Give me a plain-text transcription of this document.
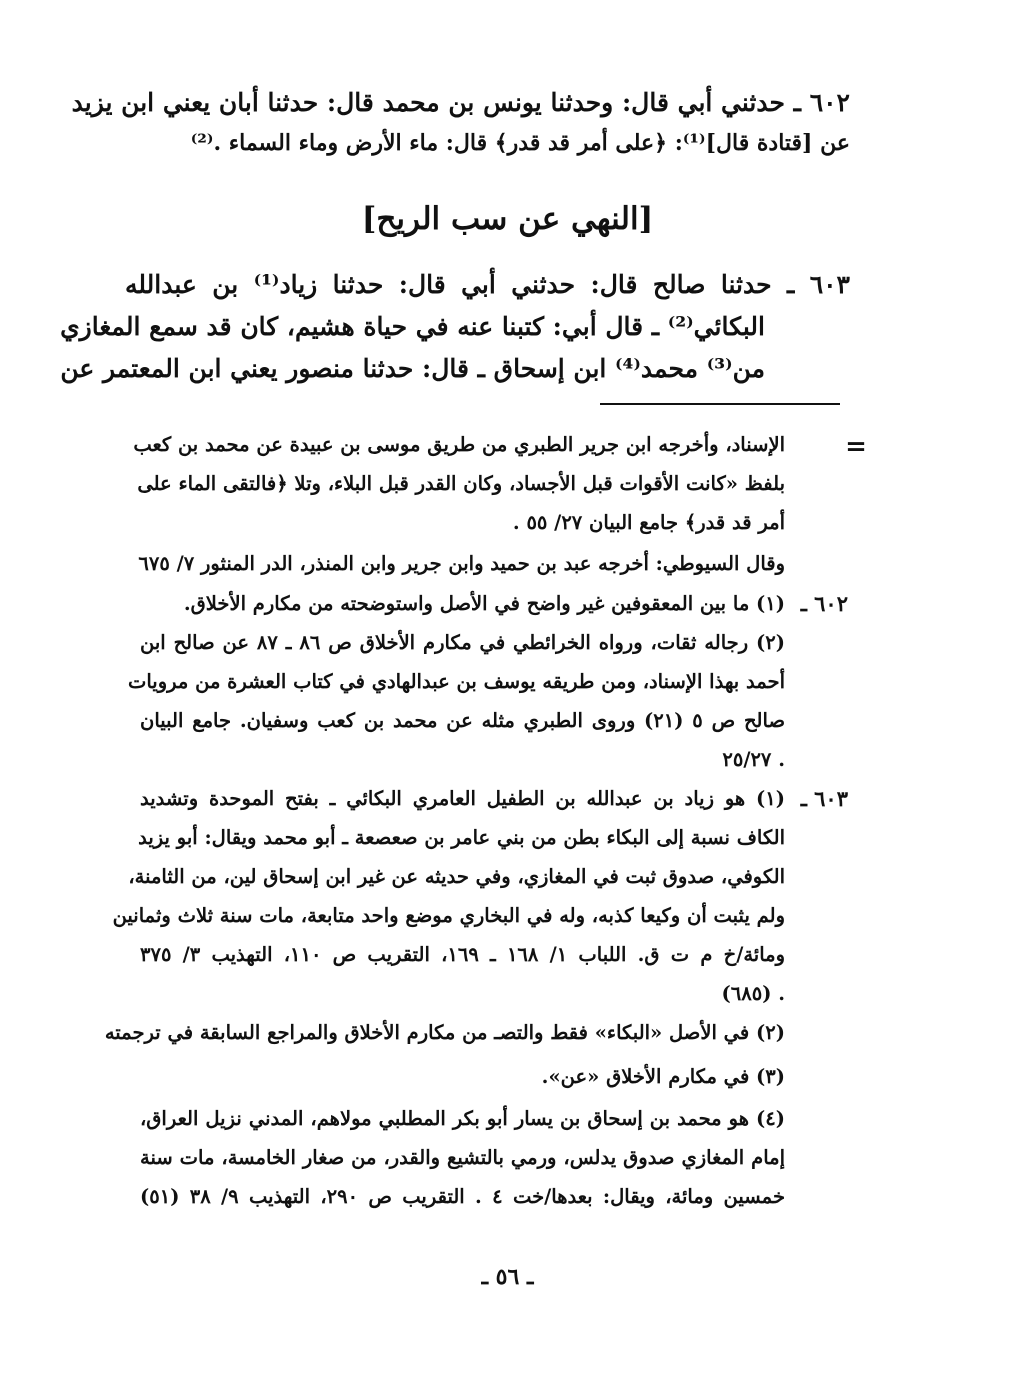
٦٠٢ ـ حدثني أبي قال: وحدثنا يونس بن محمد قال: حدثنا أبان يعني ابن يزيد
عن [قتادة قال]⁽¹⁾: ﴿على أمر قد قدر﴾ قال: ماء الأرض وماء السماء .⁽²⁾
[النهي عن سب الريح]
٦٠٣ ـ حدثنا صالح قال: حدثني أبي قال: حدثنا زياد⁽¹⁾ بن عبدالله
البكائي⁽²⁾ ـ قال أبي: كتبنا عنه في حياة هشيم، كان قد سمع المغازي
من⁽³⁾ محمد⁽⁴⁾ ابن إسحاق ـ قال: حدثنا منصور يعني ابن المعتمر عن
=
الإسناد، وأخرجه ابن جرير الطبري من طريق موسى بن عبيدة عن محمد بن كعب
بلفظ «كانت الأقوات قبل الأجساد، وكان القدر قبل البلاء، وتلا ﴿فالتقى الماء على
أمر قد قدر﴾ جامع البيان ٢٧/ ٥٥ .
وقال السيوطي: أخرجه عبد بن حميد وابن جرير وابن المنذر، الدر المنثور ٧/ ٦٧٥
٦٠٢ ـ
(١) ما بين المعقوفين غير واضح في الأصل واستوضحته من مكارم الأخلاق.
(٢) رجاله ثقات، ورواه الخرائطي في مكارم الأخلاق ص ٨٦ ـ ٨٧ عن صالح ابن
أحمد بهذا الإسناد، ومن طريقه يوسف بن عبدالهادي في كتاب العشرة من مرويات
صالح ص ٥ (٢١) وروى الطبري مثله عن محمد بن كعب وسفيان. جامع البيان
. ٢٥/٢٧
٦٠٣ ـ
(١) هو زياد بن عبدالله بن الطفيل العامري البكائي ـ بفتح الموحدة وتشديد
الكاف نسبة إلى البكاء بطن من بني عامر بن صعصعة ـ أبو محمد ويقال: أبو يزيد
الكوفي، صدوق ثبت في المغازي، وفي حديثه عن غير ابن إسحاق لين، من الثامنة،
ولم يثبت أن وكيعا كذبه، وله في البخاري موضع واحد متابعة، مات سنة ثلاث وثمانين
ومائة/خ م ت ق. اللباب ١/ ١٦٨ ـ ١٦٩، التقريب ص ١١٠، التهذيب ٣/ ٣٧٥
. (٦٨٥)
(٢) في الأصل «البكاء» فقط والتصـ من مكارم الأخلاق والمراجع السابقة في ترجمته
(٣) في مكارم الأخلاق «عن».
(٤) هو محمد بن إسحاق بن يسار أبو بكر المطلبي مولاهم، المدني نزيل العراق،
إمام المغازي صدوق يدلس، ورمي بالتشيع والقدر، من صغار الخامسة، مات سنة
خمسين ومائة، ويقال: بعدها/خت ٤ . التقريب ص ٢٩٠، التهذيب ٩/ ٣٨ (٥١)
ـ ٥٦ ـ
